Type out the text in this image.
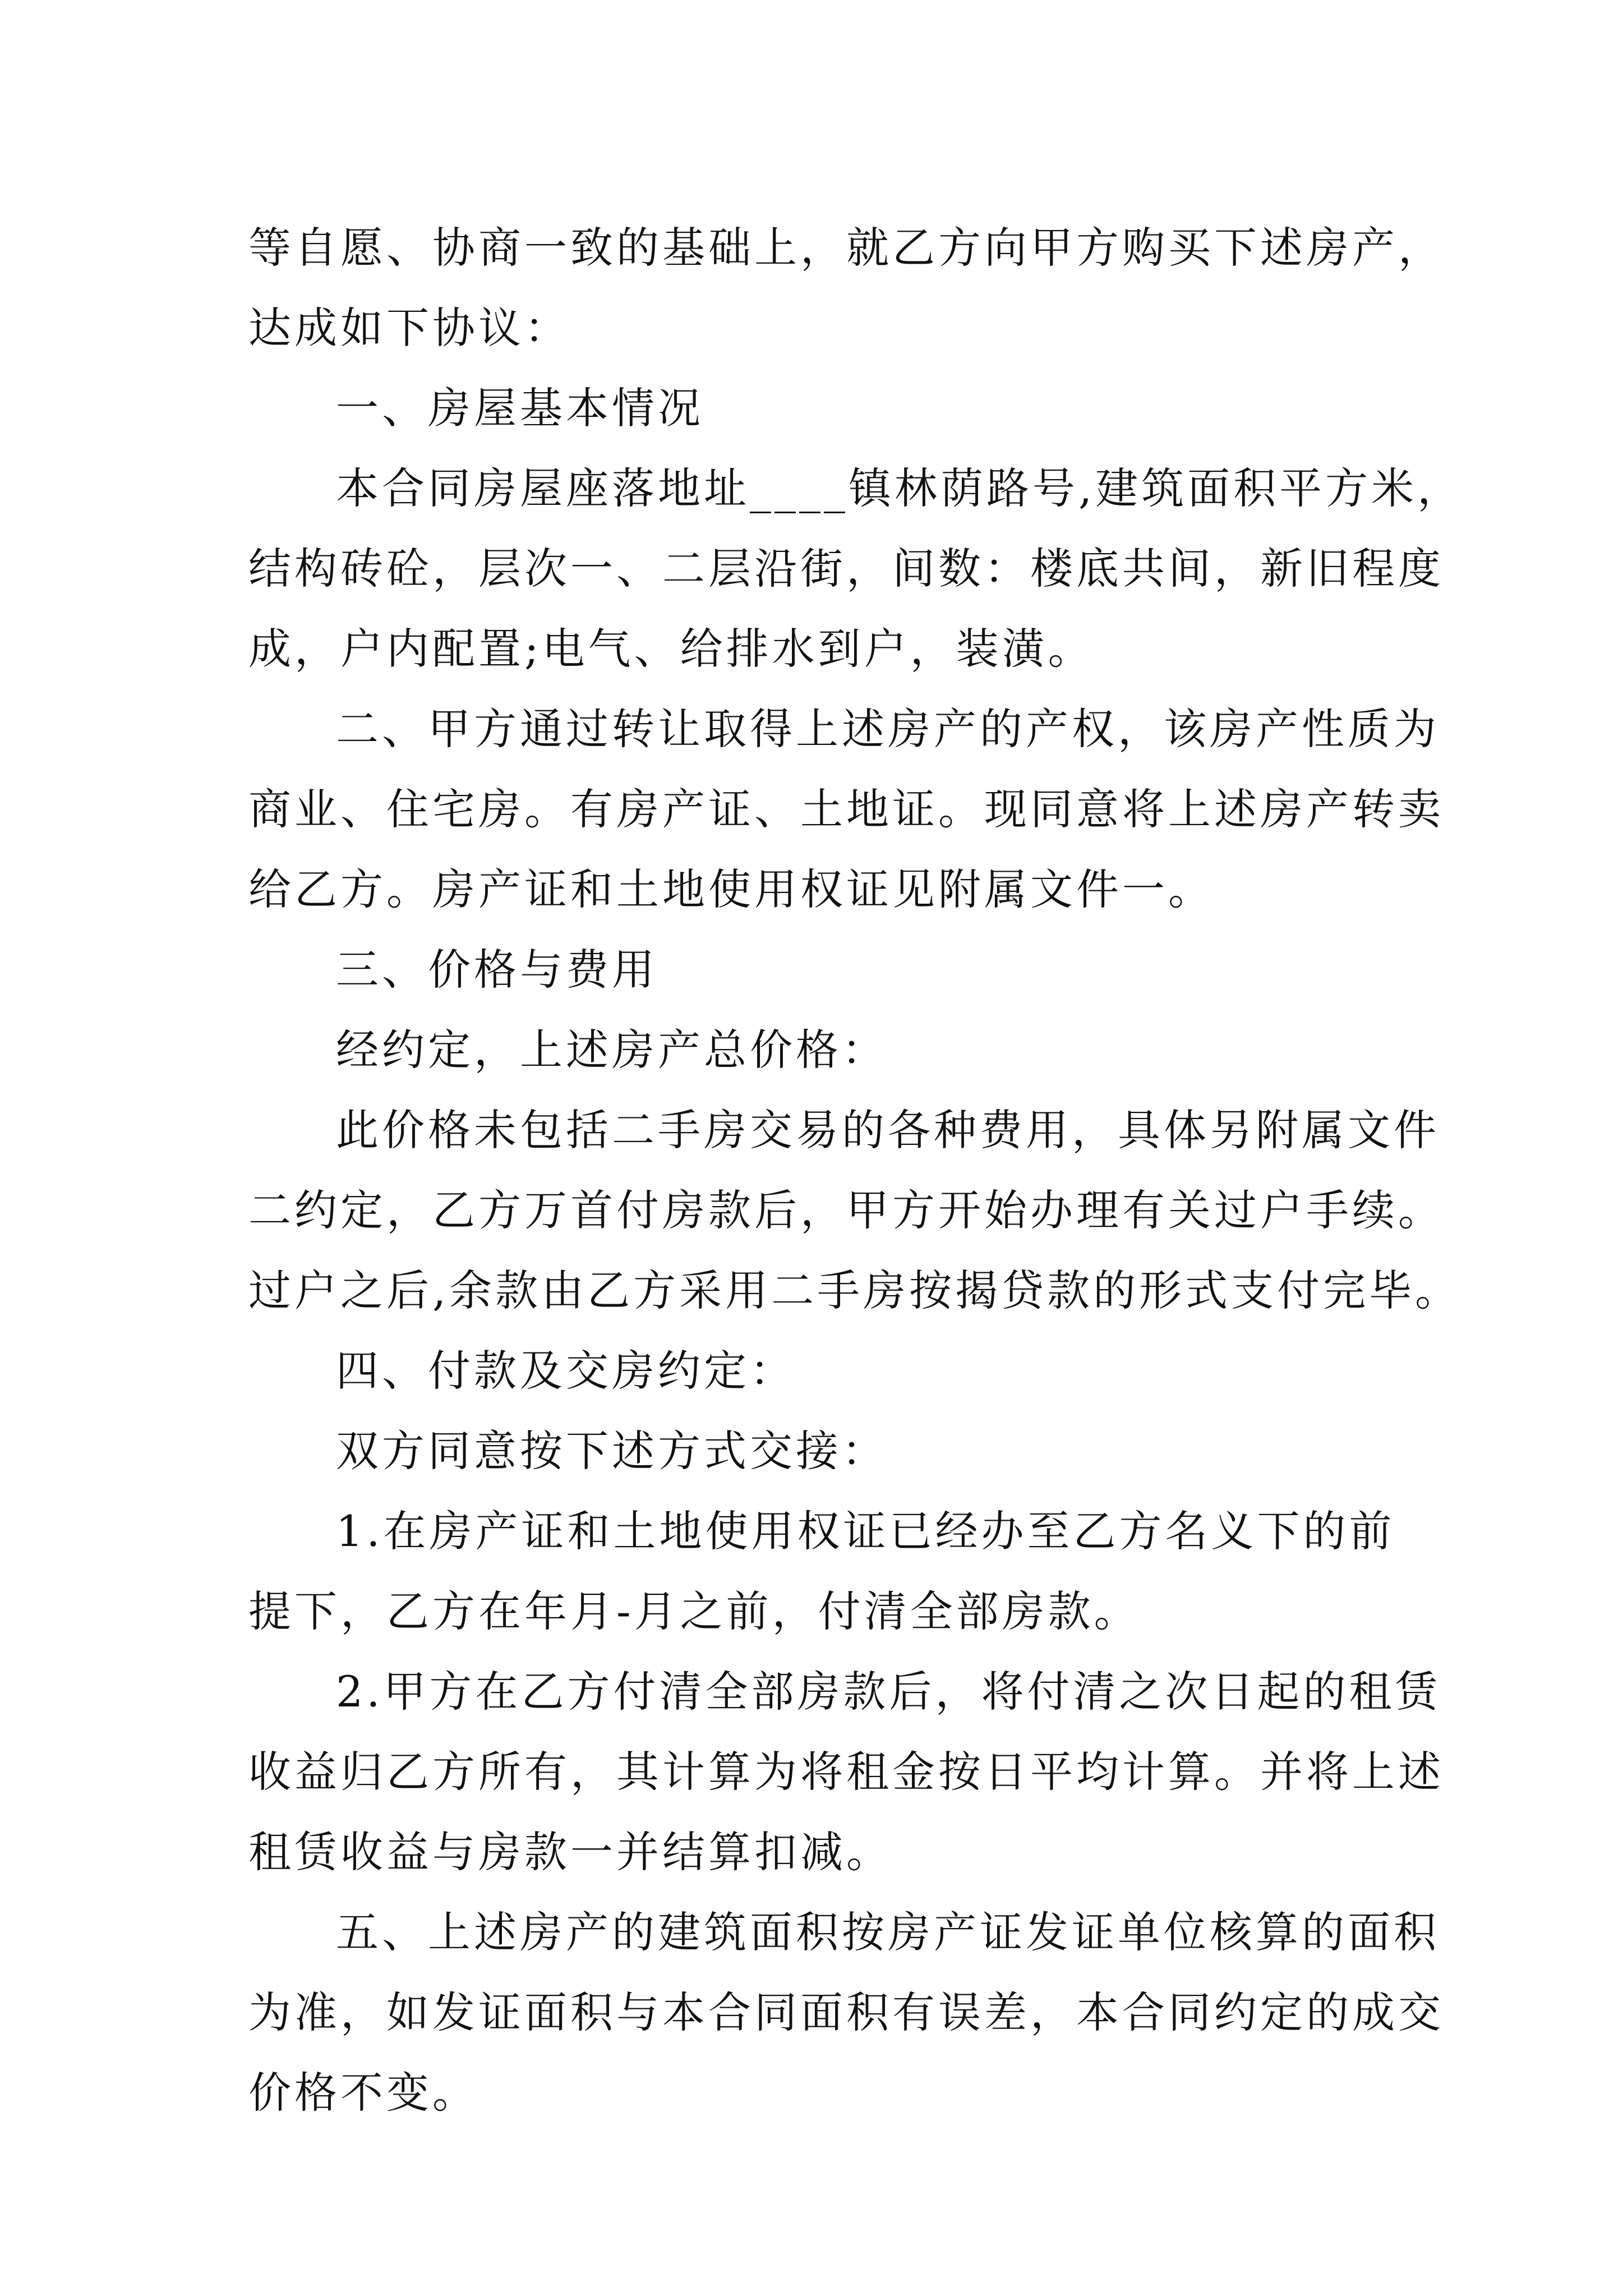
等自愿、协商一致的基础上，就乙方向甲方购买下述房产，
达成如下协议：

一、房屋基本情况

本合同房屋座落地址____镇林荫路号,建筑面积平方米，
结构砖砼，层次一、二层沿街，间数：楼底共间，新旧程度
成，户内配置;电气、给排水到户，装潢。

二、甲方通过转让取得上述房产的产权，该房产性质为
商业、住宅房。有房产证、土地证。现同意将上述房产转卖
给乙方。房产证和土地使用权证见附属文件一。

三、价格与费用

经约定，上述房产总价格：

此价格未包括二手房交易的各种费用，具体另附属文件
二约定，乙方万首付房款后，甲方开始办理有关过户手续。
过户之后,余款由乙方采用二手房按揭贷款的形式支付完毕。

四、付款及交房约定：

双方同意按下述方式交接：

1.在房产证和土地使用权证已经办至乙方名义下的前
提下，乙方在年月-月之前，付清全部房款。

2.甲方在乙方付清全部房款后，将付清之次日起的租赁
收益归乙方所有，其计算为将租金按日平均计算。并将上述
租赁收益与房款一并结算扣减。

五、上述房产的建筑面积按房产证发证单位核算的面积
为准，如发证面积与本合同面积有误差，本合同约定的成交
价格不变。
